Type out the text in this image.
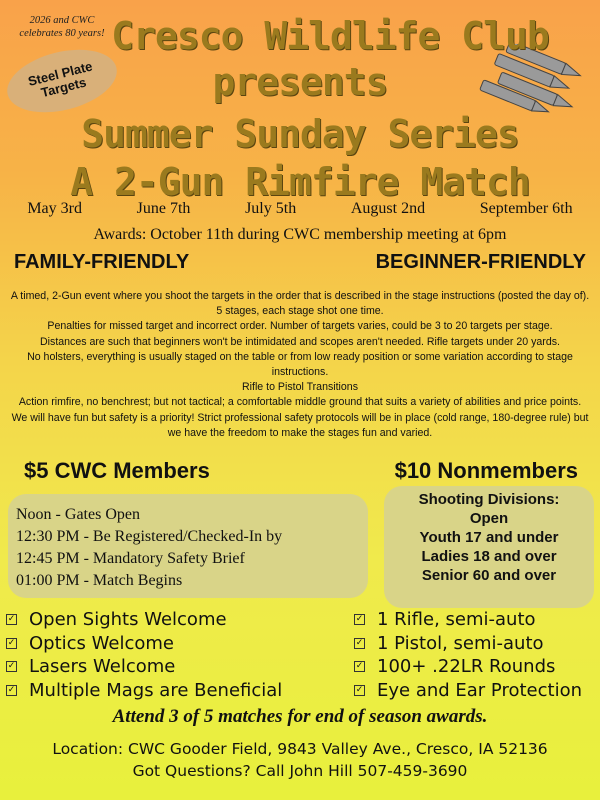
2026 and CWC celebrates 80 years!
Steel Plate Targets
Cresco Wildlife Club
presents
Summer Sunday Series
A 2-Gun Rimfire Match
May 3rd	June 7th	July 5th	August 2nd	September 6th
Awards: October 11th during CWC membership meeting at 6pm
FAMILY-FRIENDLY	BEGINNER-FRIENDLY
A timed, 2-Gun event where you shoot the targets in the order that is described in the stage instructions (posted the day of).
5 stages, each stage shot one time.
Penalties for missed target and incorrect order. Number of targets varies, could be 3 to 20 targets per stage.
Distances are such that beginners won't be intimidated and scopes aren't needed. Rifle targets under 20 yards.
No holsters, everything is usually staged on the table or from low ready position or some variation according to stage instructions.
Rifle to Pistol Transitions
Action rimfire, no benchrest; but not tactical; a comfortable middle ground that suits a variety of abilities and price points.
We will have fun but safety is a priority! Strict professional safety protocols will be in place (cold range, 180-degree rule) but we have the freedom to make the stages fun and varied.
$5 CWC Members	$10 Nonmembers
Noon - Gates Open
12:30 PM - Be Registered/Checked-In by
12:45 PM - Mandatory Safety Brief
01:00 PM - Match Begins
Shooting Divisions:
Open
Youth 17 and under
Ladies 18 and over
Senior 60 and over
✓ Open Sights Welcome
✓ Optics Welcome
✓ Lasers Welcome
✓ Multiple Mags are Beneficial
✓ 1 Rifle, semi-auto
✓ 1 Pistol, semi-auto
✓ 100+ .22LR Rounds
✓ Eye and Ear Protection
Attend 3 of 5 matches for end of season awards.
Location: CWC Gooder Field, 9843 Valley Ave., Cresco, IA 52136
Got Questions? Call John Hill 507-459-3690
